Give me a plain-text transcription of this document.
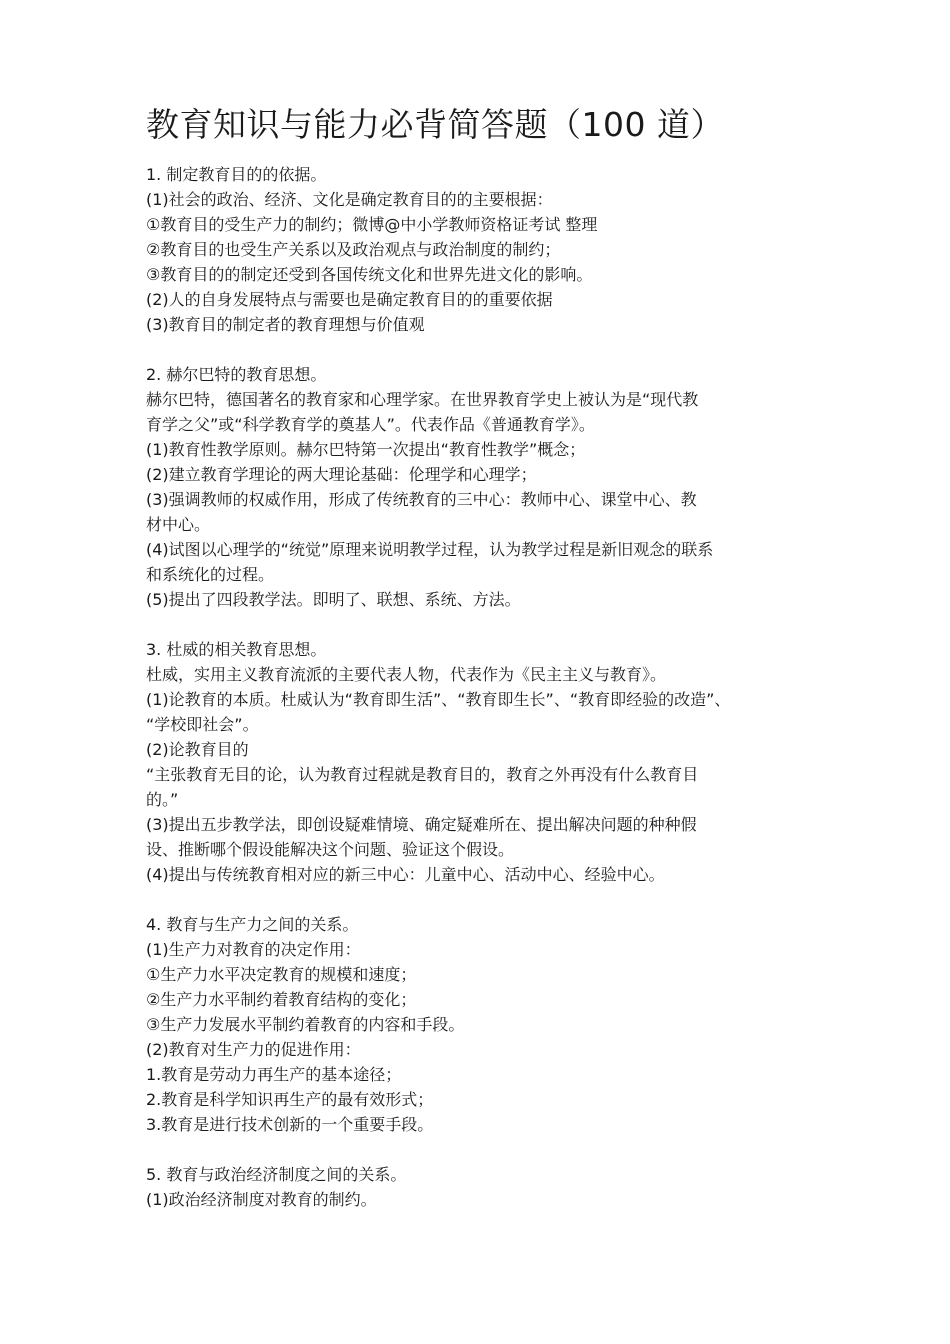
教育知识与能力必背简答题（100 道）
1. 制定教育目的的依据。
(1)社会的政治、经济、文化是确定教育目的的主要根据：
①教育目的受生产力的制约；微博@中小学教师资格证考试 整理
②教育目的也受生产关系以及政治观点与政治制度的制约；
③教育目的的制定还受到各国传统文化和世界先进文化的影响。
(2)人的自身发展特点与需要也是确定教育目的的重要依据
(3)教育目的制定者的教育理想与价值观
2. 赫尔巴特的教育思想。
赫尔巴特，德国著名的教育家和心理学家。在世界教育学史上被认为是“现代教
育学之父”或“科学教育学的奠基人”。代表作品《普通教育学》。
(1)教育性教学原则。赫尔巴特第一次提出“教育性教学”概念；
(2)建立教育学理论的两大理论基础：伦理学和心理学；
(3)强调教师的权威作用，形成了传统教育的三中心：教师中心、课堂中心、教
材中心。
(4)试图以心理学的“统觉”原理来说明教学过程，认为教学过程是新旧观念的联系
和系统化的过程。
(5)提出了四段教学法。即明了、联想、系统、方法。
3. 杜威的相关教育思想。
杜威，实用主义教育流派的主要代表人物，代表作为《民主主义与教育》。
(1)论教育的本质。杜威认为“教育即生活”、“教育即生长”、“教育即经验的改造”、
“学校即社会”。
(2)论教育目的
“主张教育无目的论，认为教育过程就是教育目的，教育之外再没有什么教育目
的。”
(3)提出五步教学法，即创设疑难情境、确定疑难所在、提出解决问题的种种假
设、推断哪个假设能解决这个问题、验证这个假设。
(4)提出与传统教育相对应的新三中心：儿童中心、活动中心、经验中心。
4. 教育与生产力之间的关系。
(1)生产力对教育的决定作用：
①生产力水平决定教育的规模和速度；
②生产力水平制约着教育结构的变化；
③生产力发展水平制约着教育的内容和手段。
(2)教育对生产力的促进作用：
1.教育是劳动力再生产的基本途径；
2.教育是科学知识再生产的最有效形式；
3.教育是进行技术创新的一个重要手段。
5. 教育与政治经济制度之间的关系。
(1)政治经济制度对教育的制约。
